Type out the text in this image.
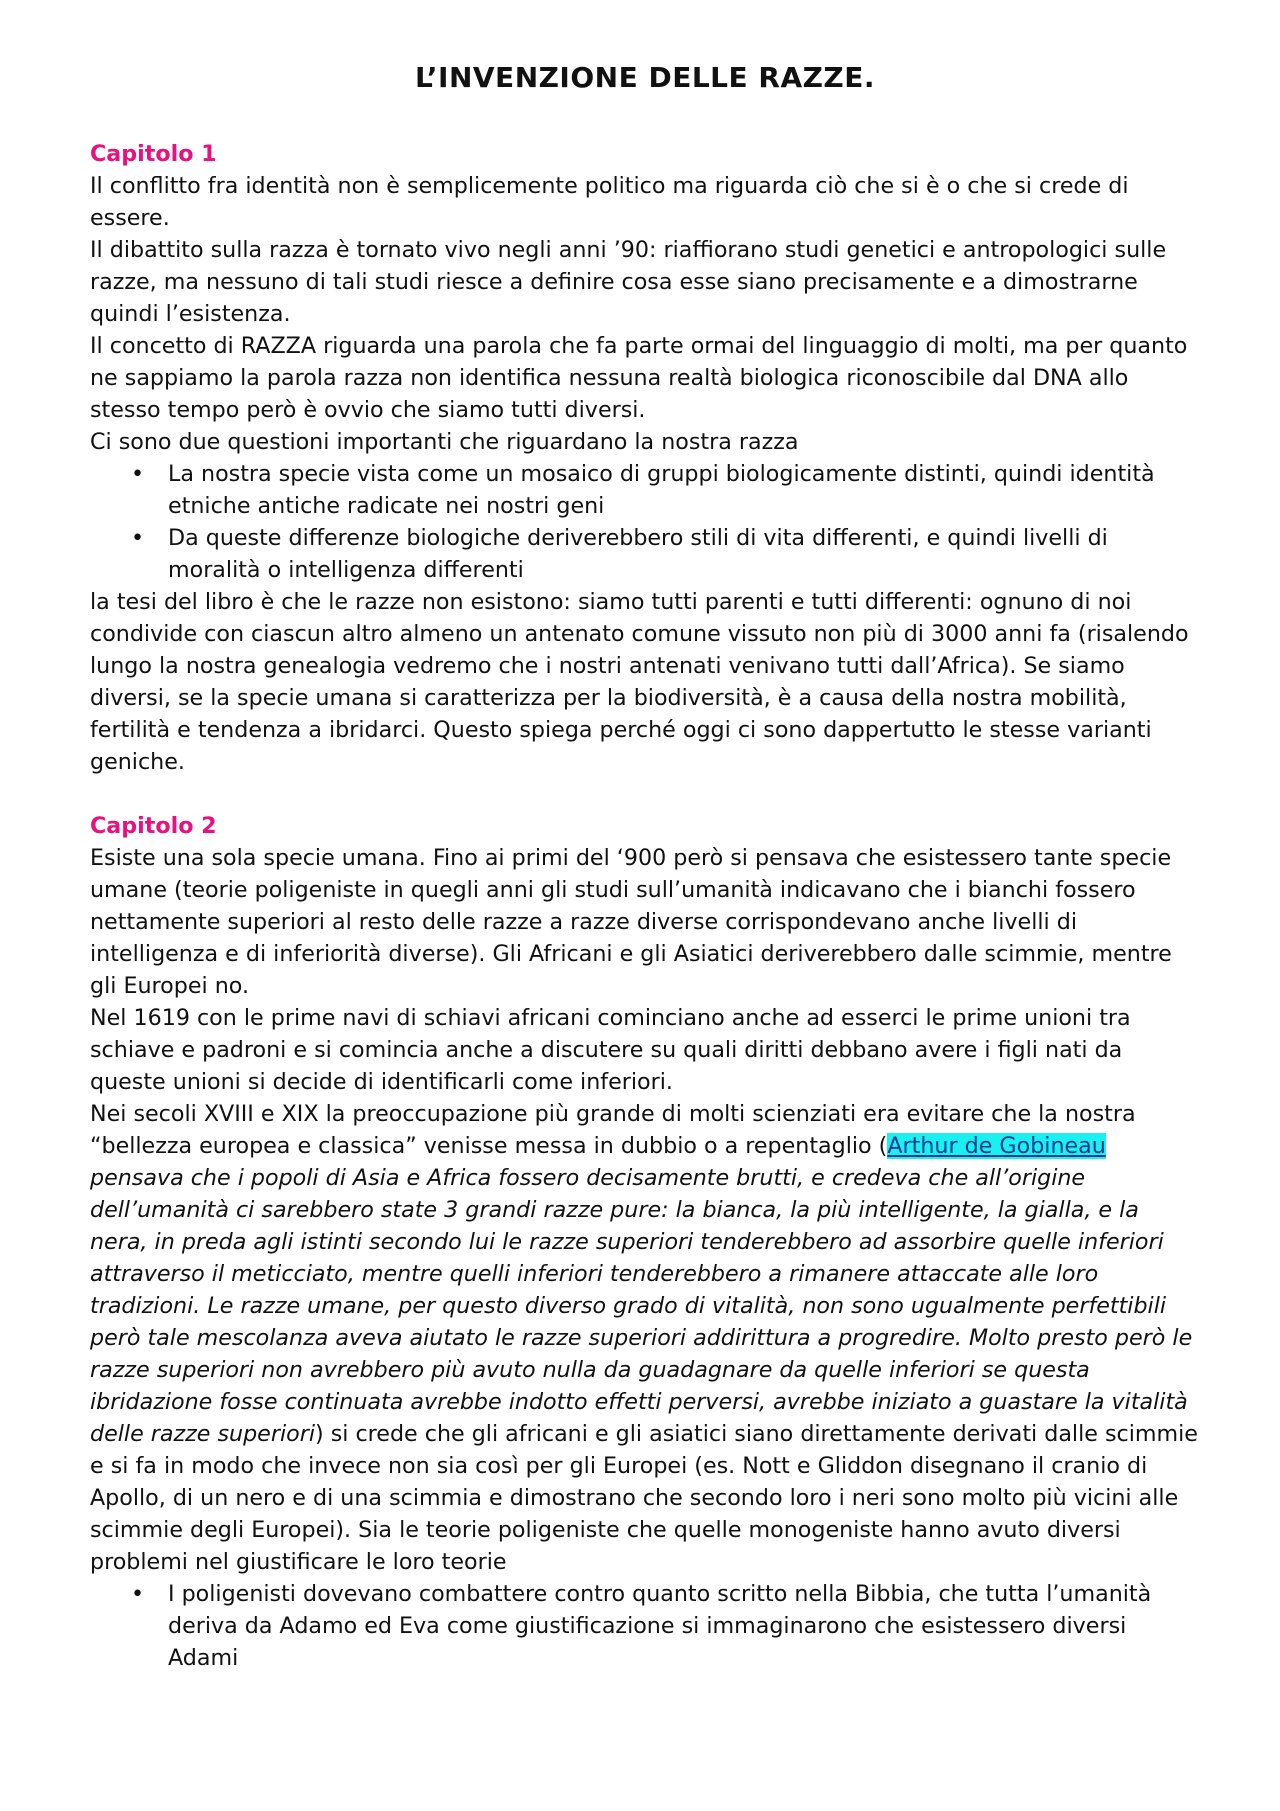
L’INVENZIONE DELLE RAZZE.
Capitolo 1

Il conflitto fra identità non è semplicemente politico ma riguarda ciò che si è o che si crede di essere.

Il dibattito sulla razza è tornato vivo negli anni ’90: riaffiorano studi genetici e antropologici sulle razze, ma nessuno di tali studi riesce a definire cosa esse siano precisamente e a dimostrarne quindi l’esistenza.

Il concetto di RAZZA riguarda una parola che fa parte ormai del linguaggio di molti, ma per quanto ne sappiamo la parola razza non identifica nessuna realtà biologica riconoscibile dal DNA allo stesso tempo però è ovvio che siamo tutti diversi.

Ci sono due questioni importanti che riguardano la nostra razza

• La nostra specie vista come un mosaico di gruppi biologicamente distinti, quindi identità etniche antiche radicate nei nostri geni
• Da queste differenze biologiche deriverebbero stili di vita differenti, e quindi livelli di moralità o intelligenza differenti

la tesi del libro è che le razze non esistono: siamo tutti parenti e tutti differenti: ognuno di noi condivide con ciascun altro almeno un antenato comune vissuto non più di 3000 anni fa (risalendo lungo la nostra genealogia vedremo che i nostri antenati venivano tutti dall’Africa). Se siamo diversi, se la specie umana si caratterizza per la biodiversità, è a causa della nostra mobilità, fertilità e tendenza a ibridarci. Questo spiega perché oggi ci sono dappertutto le stesse varianti geniche.

Capitolo 2

Esiste una sola specie umana. Fino ai primi del ‘900 però si pensava che esistessero tante specie umane (teorie poligeniste in quegli anni gli studi sull’umanità indicavano che i bianchi fossero nettamente superiori al resto delle razze a razze diverse corrispondevano anche livelli di intelligenza e di inferiorità diverse). Gli Africani e gli Asiatici deriverebbero dalle scimmie, mentre gli Europei no.

Nel 1619 con le prime navi di schiavi africani cominciano anche ad esserci le prime unioni tra schiave e padroni e si comincia anche a discutere su quali diritti debbano avere i figli nati da queste unioni si decide di identificarli come inferiori.

Nei secoli XVIII e XIX la preoccupazione più grande di molti scienziati era evitare che la nostra “bellezza europea e classica” venisse messa in dubbio o a repentaglio (Arthur de Gobineau pensava che i popoli di Asia e Africa fossero decisamente brutti, e credeva che all’origine dell’umanità ci sarebbero state 3 grandi razze pure: la bianca, la più intelligente, la gialla, e la nera, in preda agli istinti secondo lui le razze superiori tenderebbero ad assorbire quelle inferiori attraverso il meticciato, mentre quelli inferiori tenderebbero a rimanere attaccate alle loro tradizioni. Le razze umane, per questo diverso grado di vitalità, non sono ugualmente perfettibili però tale mescolanza aveva aiutato le razze superiori addirittura a progredire. Molto presto però le razze superiori non avrebbero più avuto nulla da guadagnare da quelle inferiori se questa ibridazione fosse continuata avrebbe indotto effetti perversi, avrebbe iniziato a guastare la vitalità delle razze superiori) si crede che gli africani e gli asiatici siano direttamente derivati dalle scimmie e si fa in modo che invece non sia così per gli Europei (es. Nott e Gliddon disegnano il cranio di Apollo, di un nero e di una scimmia e dimostrano che secondo loro i neri sono molto più vicini alle scimmie degli Europei). Sia le teorie poligeniste che quelle monogeniste hanno avuto diversi problemi nel giustificare le loro teorie

• I poligenisti dovevano combattere contro quanto scritto nella Bibbia, che tutta l’umanità deriva da Adamo ed Eva come giustificazione si immaginarono che esistessero diversi Adami
